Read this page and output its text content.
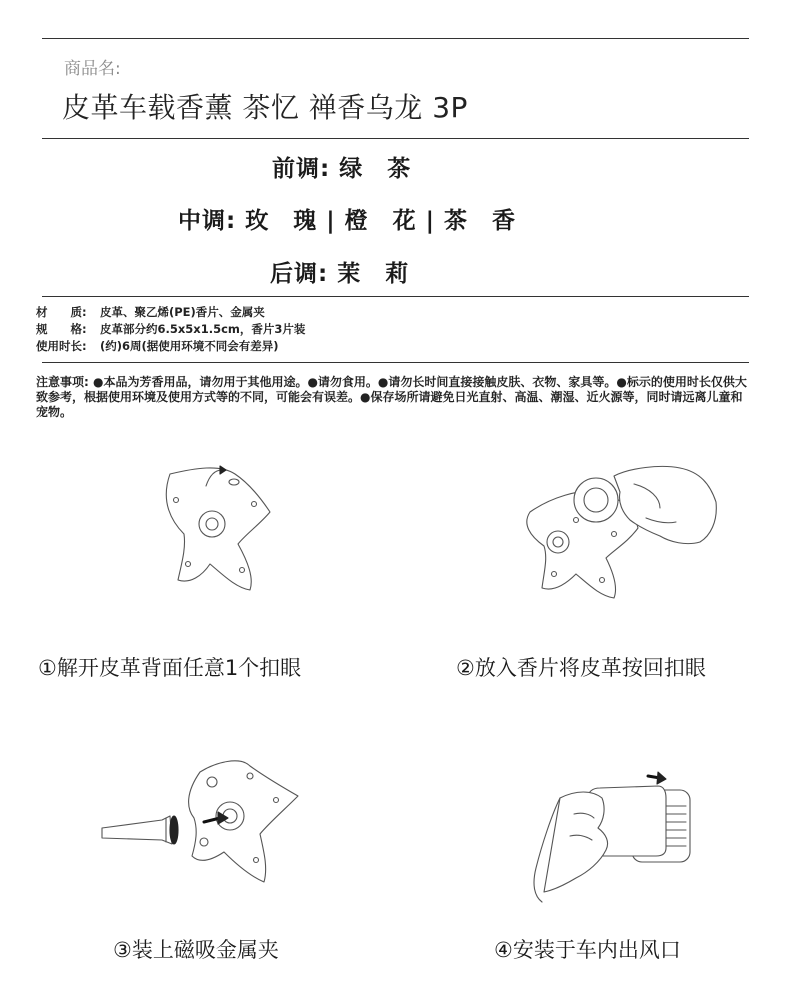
商品名:
皮革车载香薰 茶忆 禅香乌龙 3P
前调: 绿　茶
中调: 玫　瑰 | 橙　花 | 茶　香
后调: 茉　莉
材　　质: 皮革、聚乙烯(PE)香片、金属夹
规　　格: 皮革部分约6.5x5x1.5cm，香片3片装
使用时长: (约)6周(据使用环境不同会有差异)
注意事项: ●本品为芳香用品，请勿用于其他用途。●请勿食用。●请勿长时间直接接触皮肤、衣物、家具等。●标示的使用时长仅供大致参考，根据使用环境及使用方式等的不同，可能会有误差。●保存场所请避免日光直射、高温、潮湿、近火源等，同时请远离儿童和宠物。
①解开皮革背面任意1个扣眼	②放入香片将皮革按回扣眼
③装上磁吸金属夹	④安装于车内出风口
